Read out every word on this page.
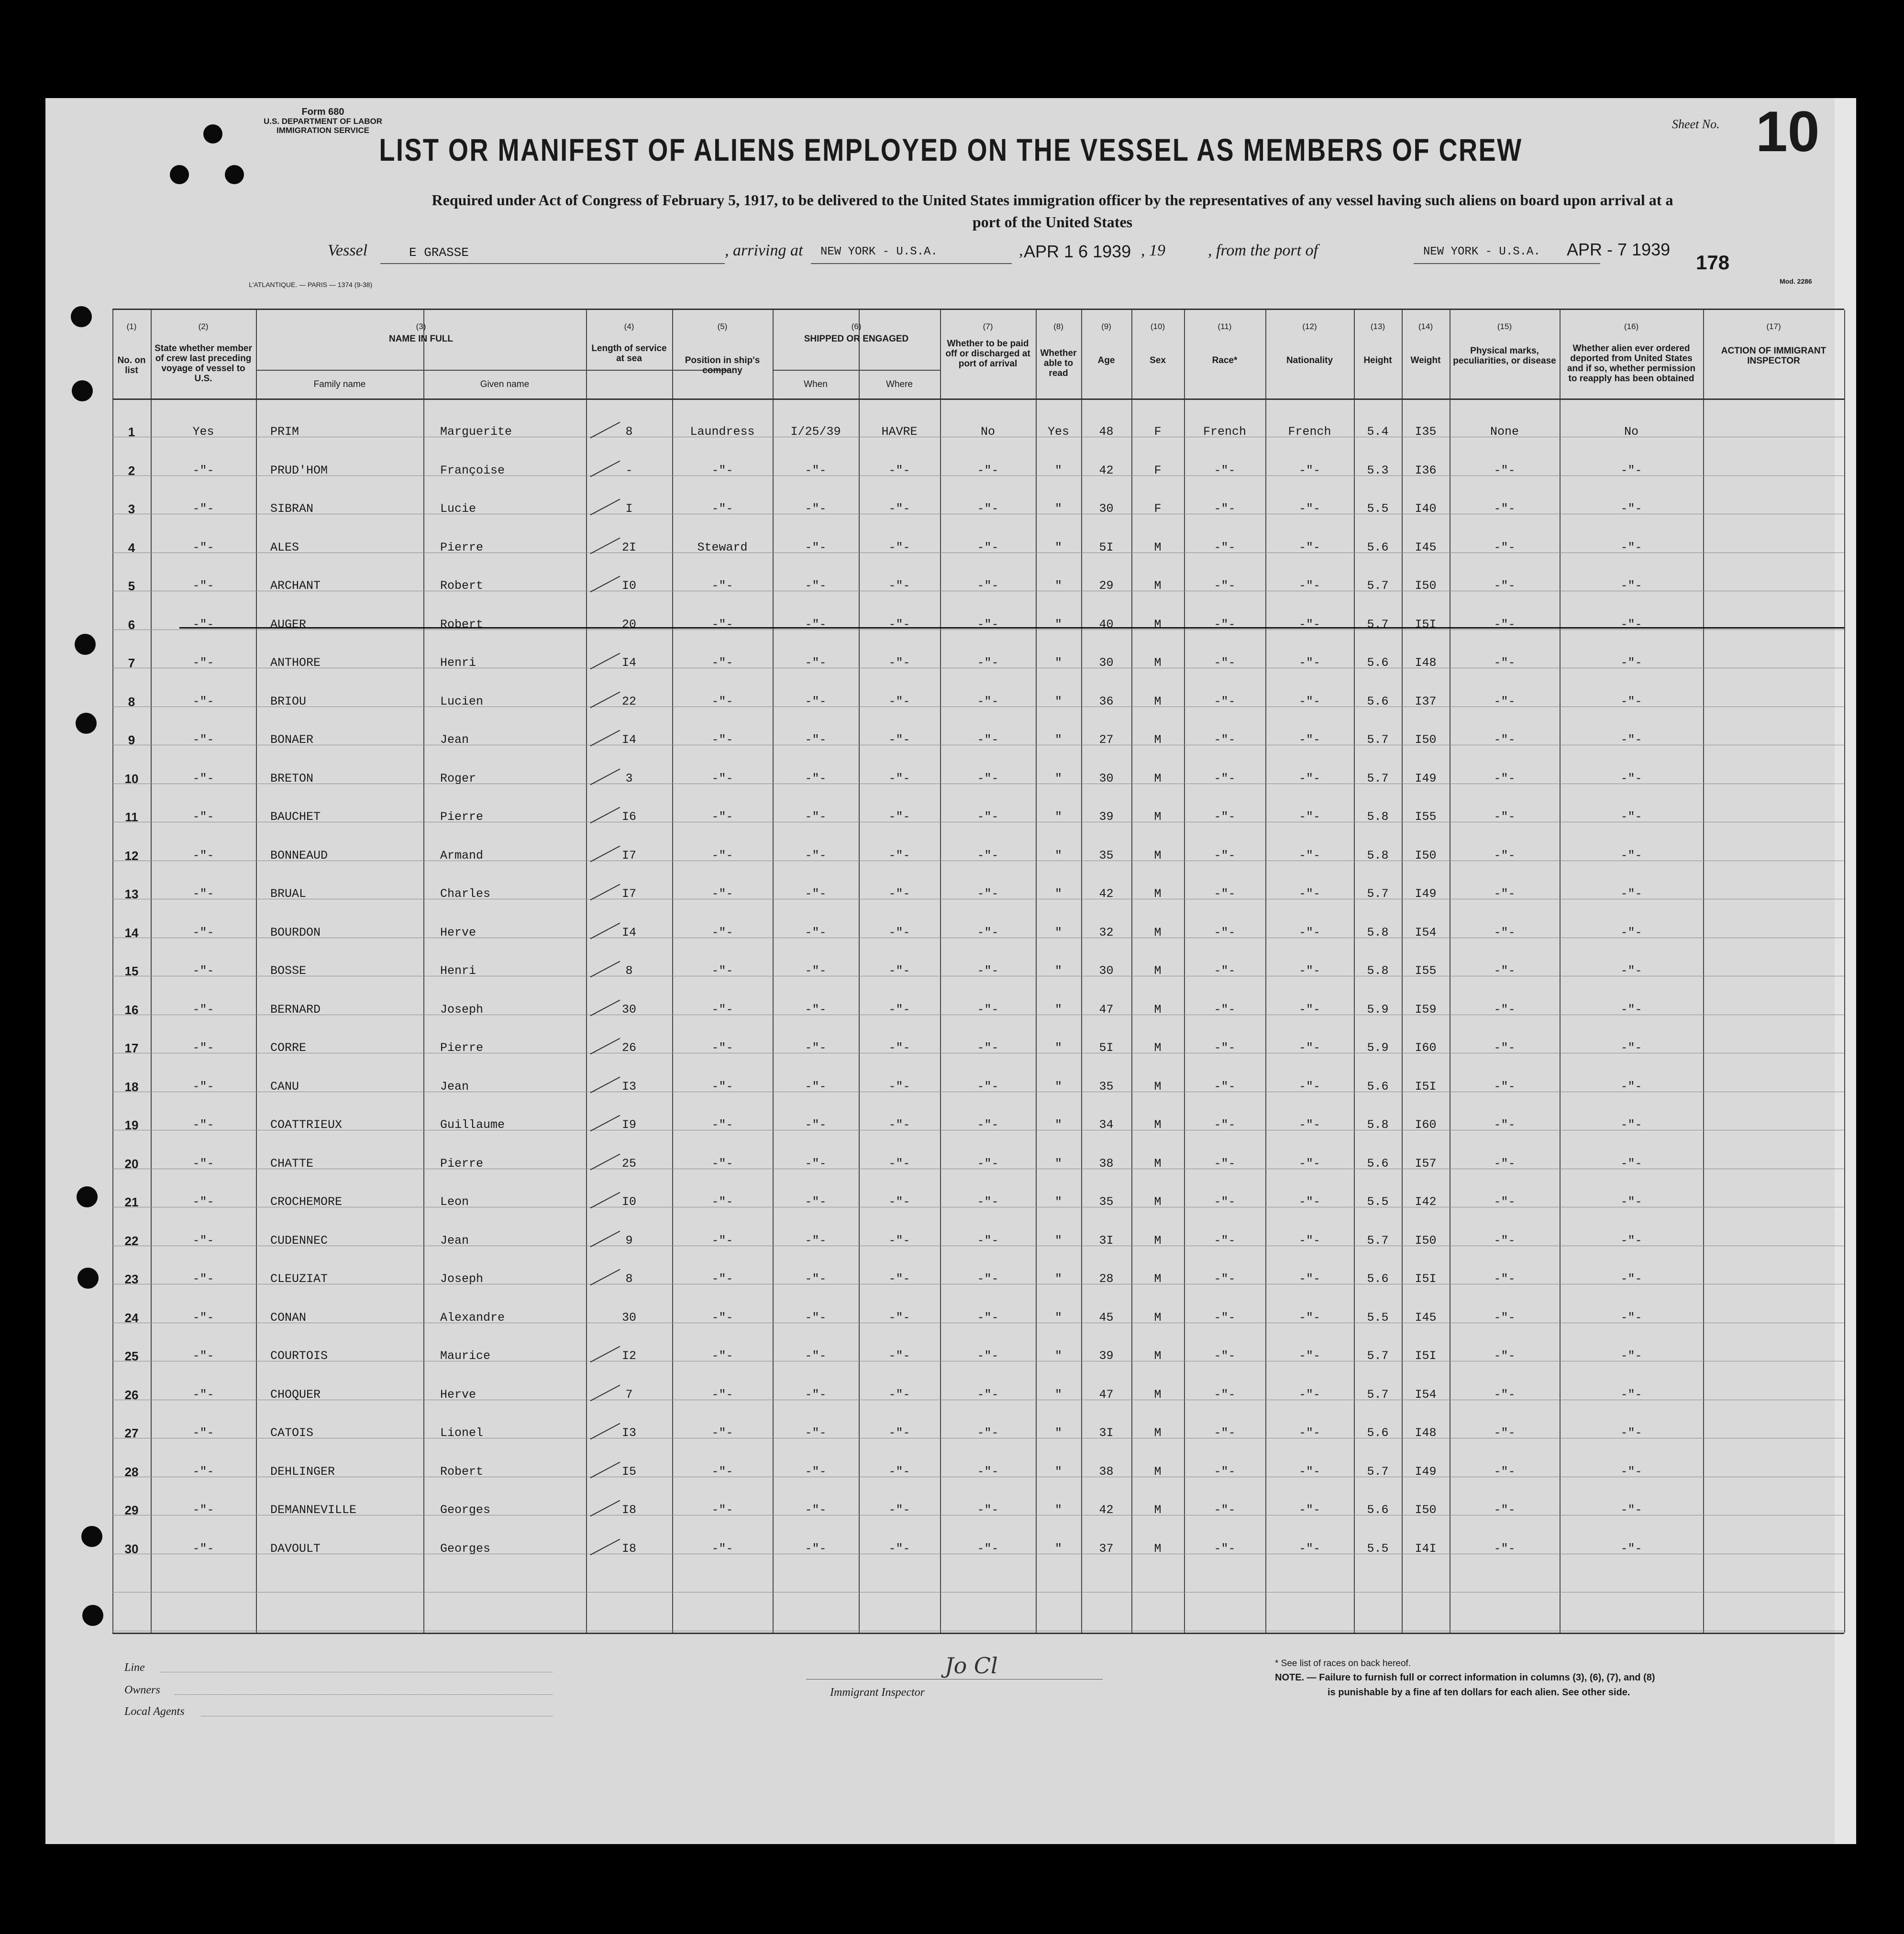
Form 680
U.S. DEPARTMENT OF LABOR
IMMIGRATION SERVICE
LIST OR MANIFEST OF ALIENS EMPLOYED ON THE VESSEL AS MEMBERS OF CREW
Sheet No. 10
Required under Act of Congress of February 5, 1917, to be delivered to the United States immigration officer by the representatives of any vessel having such aliens on board upon arrival at a
port of the United States
Vessel	E GRASSE	, arriving at NEW YORK - U.S.A.	, APR 1 6 1939 , 19	, from the port of	NEW YORK - U.S.A. APR - 7 1939
178
L'ATLANTIQUE. — PARIS — 1374 (9-38)	Mod. 2286
(1)
No. on list
(2)
State whether member of crew last preceding voyage of vessel to U.S.
(3)
NAME IN FULL
(4)
Length of service at sea
(5)
Position in ship's company
(6)
SHIPPED OR ENGAGED
(7)
Whether to be paid off or discharged at port of arrival
(8)
Whether able to read
(9)
Age
(10)
Sex
(11)
Race*
(12)
Nationality
(13)
Height
(14)
Weight
(15)
Physical marks, peculiarities, or disease
(16)
Whether alien ever ordered deported from United States and if so, whether permission to reapply has been obtained
(17)
ACTION OF IMMIGRANT INSPECTOR
Family name	Given name	When	Where
1	Yes	PRIM	Marguerite	8	Laundress	I/25/39	HAVRE	No	Yes	48	F	French	French	5.4	I35	None	No
2	-"-	PRUD'HOM	Françoise	-	-"-	-"-	-"-	-"-	"	42	F	-"-	-"-	5.3	I36	-"-	-"-
3	-"-	SIBRAN	Lucie	I	-"-	-"-	-"-	-"-	"	30	F	-"-	-"-	5.5	I40	-"-	-"-
4	-"-	ALES	Pierre	2I	Steward	-"-	-"-	-"-	"	5I	M	-"-	-"-	5.6	I45	-"-	-"-
5	-"-	ARCHANT	Robert	I0	-"-	-"-	-"-	-"-	"	29	M	-"-	-"-	5.7	I50	-"-	-"-
6	-"-	AUGER	Robert	20	-"-	-"-	-"-	-"-	"	40	M	-"-	-"-	5.7	I5I	-"-	-"-
7	-"-	ANTHORE	Henri	I4	-"-	-"-	-"-	-"-	"	30	M	-"-	-"-	5.6	I48	-"-	-"-
8	-"-	BRIOU	Lucien	22	-"-	-"-	-"-	-"-	"	36	M	-"-	-"-	5.6	I37	-"-	-"-
9	-"-	BONAER	Jean	I4	-"-	-"-	-"-	-"-	"	27	M	-"-	-"-	5.7	I50	-"-	-"-
10	-"-	BRETON	Roger	3	-"-	-"-	-"-	-"-	"	30	M	-"-	-"-	5.7	I49	-"-	-"-
11	-"-	BAUCHET	Pierre	I6	-"-	-"-	-"-	-"-	"	39	M	-"-	-"-	5.8	I55	-"-	-"-
12	-"-	BONNEAUD	Armand	I7	-"-	-"-	-"-	-"-	"	35	M	-"-	-"-	5.8	I50	-"-	-"-
13	-"-	BRUAL	Charles	I7	-"-	-"-	-"-	-"-	"	42	M	-"-	-"-	5.7	I49	-"-	-"-
14	-"-	BOURDON	Herve	I4	-"-	-"-	-"-	-"-	"	32	M	-"-	-"-	5.8	I54	-"-	-"-
15	-"-	BOSSE	Henri	8	-"-	-"-	-"-	-"-	"	30	M	-"-	-"-	5.8	I55	-"-	-"-
16	-"-	BERNARD	Joseph	30	-"-	-"-	-"-	-"-	"	47	M	-"-	-"-	5.9	I59	-"-	-"-
17	-"-	CORRE	Pierre	26	-"-	-"-	-"-	-"-	"	5I	M	-"-	-"-	5.9	I60	-"-	-"-
18	-"-	CANU	Jean	I3	-"-	-"-	-"-	-"-	"	35	M	-"-	-"-	5.6	I5I	-"-	-"-
19	-"-	COATTRIEUX	Guillaume	I9	-"-	-"-	-"-	-"-	"	34	M	-"-	-"-	5.8	I60	-"-	-"-
20	-"-	CHATTE	Pierre	25	-"-	-"-	-"-	-"-	"	38	M	-"-	-"-	5.6	I57	-"-	-"-
21	-"-	CROCHEMORE	Leon	I0	-"-	-"-	-"-	-"-	"	35	M	-"-	-"-	5.5	I42	-"-	-"-
22	-"-	CUDENNEC	Jean	9	-"-	-"-	-"-	-"-	"	3I	M	-"-	-"-	5.7	I50	-"-	-"-
23	-"-	CLEUZIAT	Joseph	8	-"-	-"-	-"-	-"-	"	28	M	-"-	-"-	5.6	I5I	-"-	-"-
24	-"-	CONAN	Alexandre	30	-"-	-"-	-"-	-"-	"	45	M	-"-	-"-	5.5	I45	-"-	-"-
25	-"-	COURTOIS	Maurice	I2	-"-	-"-	-"-	-"-	"	39	M	-"-	-"-	5.7	I5I	-"-	-"-
26	-"-	CHOQUER	Herve	7	-"-	-"-	-"-	-"-	"	47	M	-"-	-"-	5.7	I54	-"-	-"-
27	-"-	CATOIS	Lionel	I3	-"-	-"-	-"-	-"-	"	3I	M	-"-	-"-	5.6	I48	-"-	-"-
28	-"-	DEHLINGER	Robert	I5	-"-	-"-	-"-	-"-	"	38	M	-"-	-"-	5.7	I49	-"-	-"-
29	-"-	DEMANNEVILLE	Georges	I8	-"-	-"-	-"-	-"-	"	42	M	-"-	-"-	5.6	I50	-"-	-"-
30	-"-	DAVOULT	Georges	I8	-"-	-"-	-"-	-"-	"	37	M	-"-	-"-	5.5	I4I	-"-	-"-
Line
Owners
Local Agents
Jo Cl
Immigrant Inspector
* See list of races on back hereof.
NOTE. — Failure to furnish full or correct information in columns (3), (6), (7), and (8)
is punishable by a fine af ten dollars for each alien. See other side.
